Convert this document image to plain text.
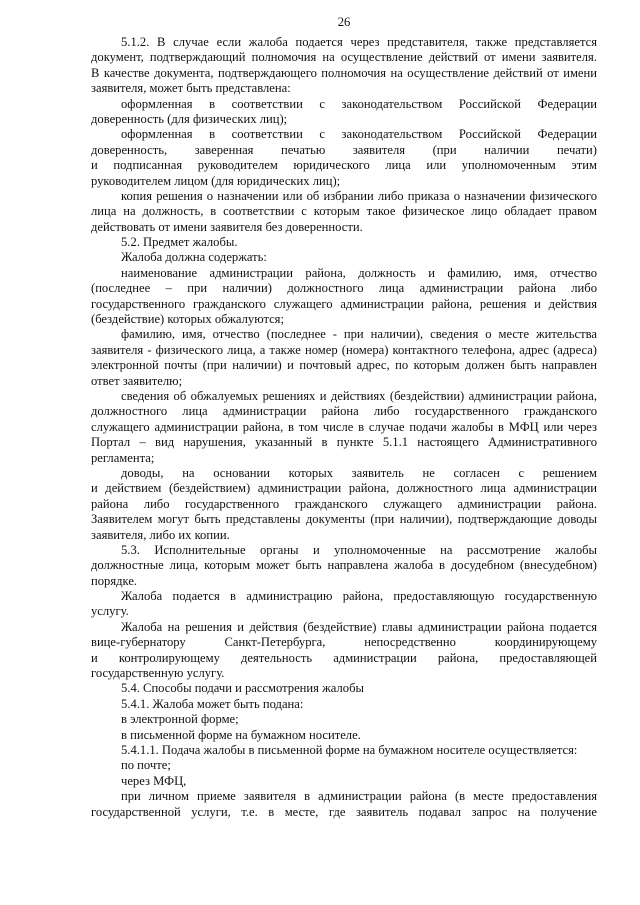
26
5.1.2. В случае если жалоба подается через представителя, также представляется
документ, подтверждающий полномочия на осуществление действий от имени заявителя.
В качестве документа, подтверждающего полномочия на осуществление действий от имени
заявителя, может быть представлена:
оформленная в соответствии с законодательством Российской Федерации
доверенность (для физических лиц);
оформленная в соответствии с законодательством Российской Федерации
доверенность, заверенная печатью заявителя (при наличии печати)
и подписанная руководителем юридического лица или уполномоченным этим
руководителем лицом (для юридических лиц);
копия решения о назначении или об избрании либо приказа о назначении физического
лица на должность, в соответствии с которым такое физическое лицо обладает правом
действовать от имени заявителя без доверенности.
5.2. Предмет жалобы.
Жалоба должна содержать:
наименование администрации района, должность и фамилию, имя, отчество
(последнее – при наличии) должностного лица администрации района либо
государственного гражданского служащего администрации района, решения и действия
(бездействие) которых обжалуются;
фамилию, имя, отчество (последнее - при наличии), сведения о месте жительства
заявителя - физического лица, а также номер (номера) контактного телефона, адрес (адреса)
электронной почты (при наличии) и почтовый адрес, по которым должен быть направлен
ответ заявителю;
сведения об обжалуемых решениях и действиях (бездействии) администрации района,
должностного лица администрации района либо государственного гражданского
служащего администрации района, в том числе в случае подачи жалобы в МФЦ или через
Портал – вид нарушения, указанный в пункте 5.1.1 настоящего Административного
регламента;
доводы, на основании которых заявитель не согласен с решением
и действием (бездействием) администрации района, должностного лица администрации
района либо государственного гражданского служащего администрации района.
Заявителем могут быть представлены документы (при наличии), подтверждающие доводы
заявителя, либо их копии.
5.3. Исполнительные органы и уполномоченные на рассмотрение жалобы
должностные лица, которым может быть направлена жалоба в досудебном (внесудебном)
порядке.
Жалоба подается в администрацию района, предоставляющую государственную
услугу.
Жалоба на решения и действия (бездействие) главы администрации района подается
вице-губернатору Санкт-Петербурга, непосредственно координирующему
и контролирующему деятельность администрации района, предоставляющей
государственную услугу.
5.4. Способы подачи и рассмотрения жалобы
5.4.1. Жалоба может быть подана:
в электронной форме;
в письменной форме на бумажном носителе.
5.4.1.1. Подача жалобы в письменной форме на бумажном носителе осуществляется:
по почте;
через МФЦ,
при личном приеме заявителя в администрации района (в месте предоставления
государственной услуги, т.е. в месте, где заявитель подавал запрос на получение
